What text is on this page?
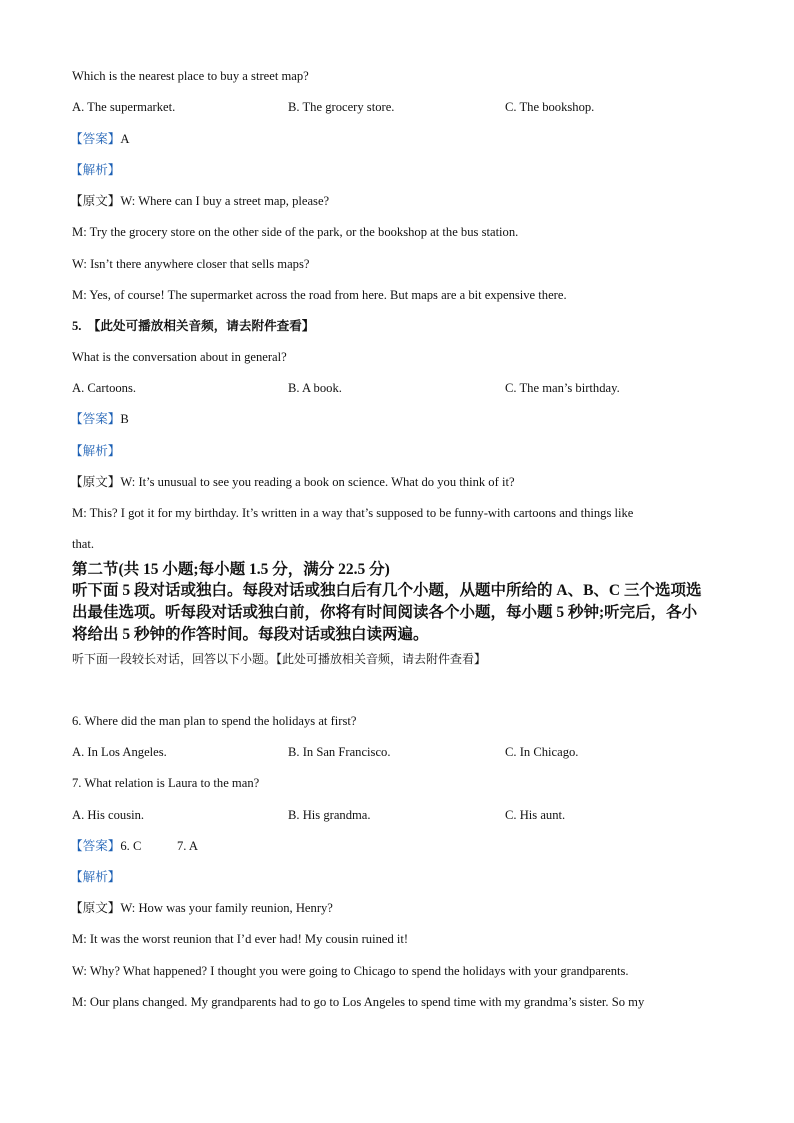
Which is the nearest place to buy a street map?
A. The supermarket.	B. The grocery store.	C. The bookshop.
【答案】A
【解析】
【原文】W: Where can I buy a street map, please?
M: Try the grocery store on the other side of the park, or the bookshop at the bus station.
W: Isn’t there anywhere closer that sells maps?
M: Yes, of course! The supermarket across the road from here. But maps are a bit expensive there.
5. 【此处可播放相关音频，请去附件查看】
What is the conversation about in general?
A. Cartoons.	B. A book.	C. The man’s birthday.
【答案】B
【解析】
【原文】W: It’s unusual to see you reading a book on science. What do you think of it?
M: This? I got it for my birthday. It’s written in a way that’s supposed to be funny-with cartoons and things like
that.
第二节(共 15 小题;每小题 1.5 分，满分 22.5 分)
听下面 5 段对话或独白。每段对话或独白后有几个小题，从题中所给的 A、B、C 三个选项选
出最佳选项。听每段对话或独白前，你将有时间阅读各个小题，每小题 5 秒钟;听完后，各小
将给出 5 秒钟的作答时间。每段对话或独白读两遍。
听下面一段较长对话，回答以下小题。【此处可播放相关音频，请去附件查看】
6. Where did the man plan to spend the holidays at first?
A. In Los Angeles.	B. In San Francisco.	C. In Chicago.
7. What relation is Laura to the man?
A. His cousin.	B. His grandma.	C. His aunt.
【答案】6. C	7. A
【解析】
【原文】W: How was your family reunion, Henry?
M: It was the worst reunion that I’d ever had! My cousin ruined it!
W: Why? What happened? I thought you were going to Chicago to spend the holidays with your grandparents.
M: Our plans changed. My grandparents had to go to Los Angeles to spend time with my grandma’s sister. So my
